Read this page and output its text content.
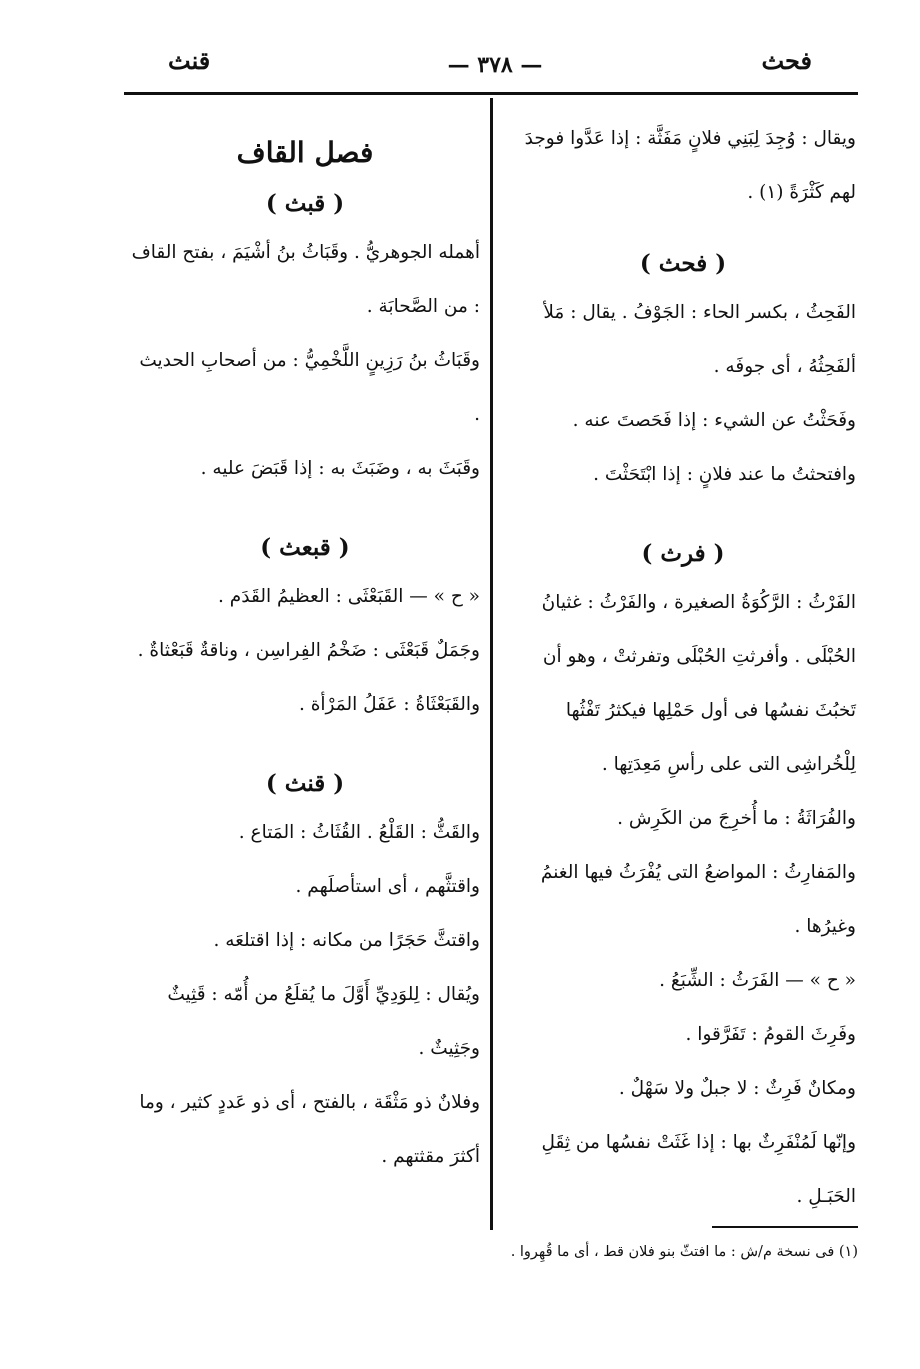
فحث
— ٣٧٨ —
قنث

ويقال : وُجِدَ لِبَنِي فلانٍ مَفَثَّة : إذا عَدَّوا فوجدَ لهم كَثْرَةً (١) .

( فحث )

الفَحِثُ ، بكسر الحاء : الجَوْفُ . يقال : مَلأ ألفَحِثُهُ ، أى جوفَه .

وفَحَثْتُ عن الشيء : إذا فَحَصتَ عنه .

وافتحثتُ ما عند فلانٍ : إذا ابْتَحَثْتَ .

( فرث )

الفَرْثُ : الرَّكُوَةُ الصغيرة ، والفَرْثُ : غثيانُ الحُبْلَى . وأفرثتِ الحُبْلَى وتفرثتْ ، وهو أن تَخبُثَ نفسُها فى أول حَمْلِها فيكثرُ تَفْثُها لِلْخُراشِى التى على رأسِ مَعِدَتِها .

والفُرَاثَةُ : ما أُخرِجَ من الكَرِش .

والمَفارِثُ : المواضعُ التى يُفْرَثُ فيها الغنمُ وغيرُها .

« ح » — الفَرَثُ : الشِّبَعُ .

وفَرِثَ القومُ : تَفَرَّقوا .

ومكانٌ فَرِثٌ : لا جبلٌ ولا سَهْلٌ .

وإنّها لَمُنْفَرِثٌ بها : إذا غَثَتْ نفسُها من ثِقَلِ الحَبَـلِ .

فصل القاف

( قبث )

أهمله الجوهريُّ . وقَبَاثُ بنُ أشْيَمَ ، بفتح القاف : من الصَّحابَة .

وقَبَاثُ بنُ رَزِينٍ اللَّخْمِيُّ : من أصحابِ الحديث .

وقَبَثَ به ، وضَبَثَ به : إذا قَبَضَ عليه .

( قبعث )

« ح » — القَبَعْثَى : العظيمُ القَدَم .

وجَمَلٌ قَبَعْثَى : ضَخْمُ الفِراسِن ، وناقةٌ قَبَعْثاةٌ .

والقَبَعْثَاةُ : عَفَلُ المَرْأة .

( قنث )

والقَثُّ : القَلْعُ . القُثَاثُ : المَتاع .

واقتثَّهم ، أى استأصلَهم .

واقتثَّ حَجَرًا من مكانه : إذا اقتلعَه .

ويُقال : لِلوَدِيِّ أَوَّلَ ما يُقلَعُ من أُمّه : قَثِيثٌ وجَثِيثٌ .

وفلانٌ ذو مَثْقَة ، بالفتح ، أى ذو عَددٍ كثير ، وما أكثرَ مقثتهم .

(١) فى نسخة م/ش : ما افتثّ بنو فلان قط ، أى ما قُهِروا .
